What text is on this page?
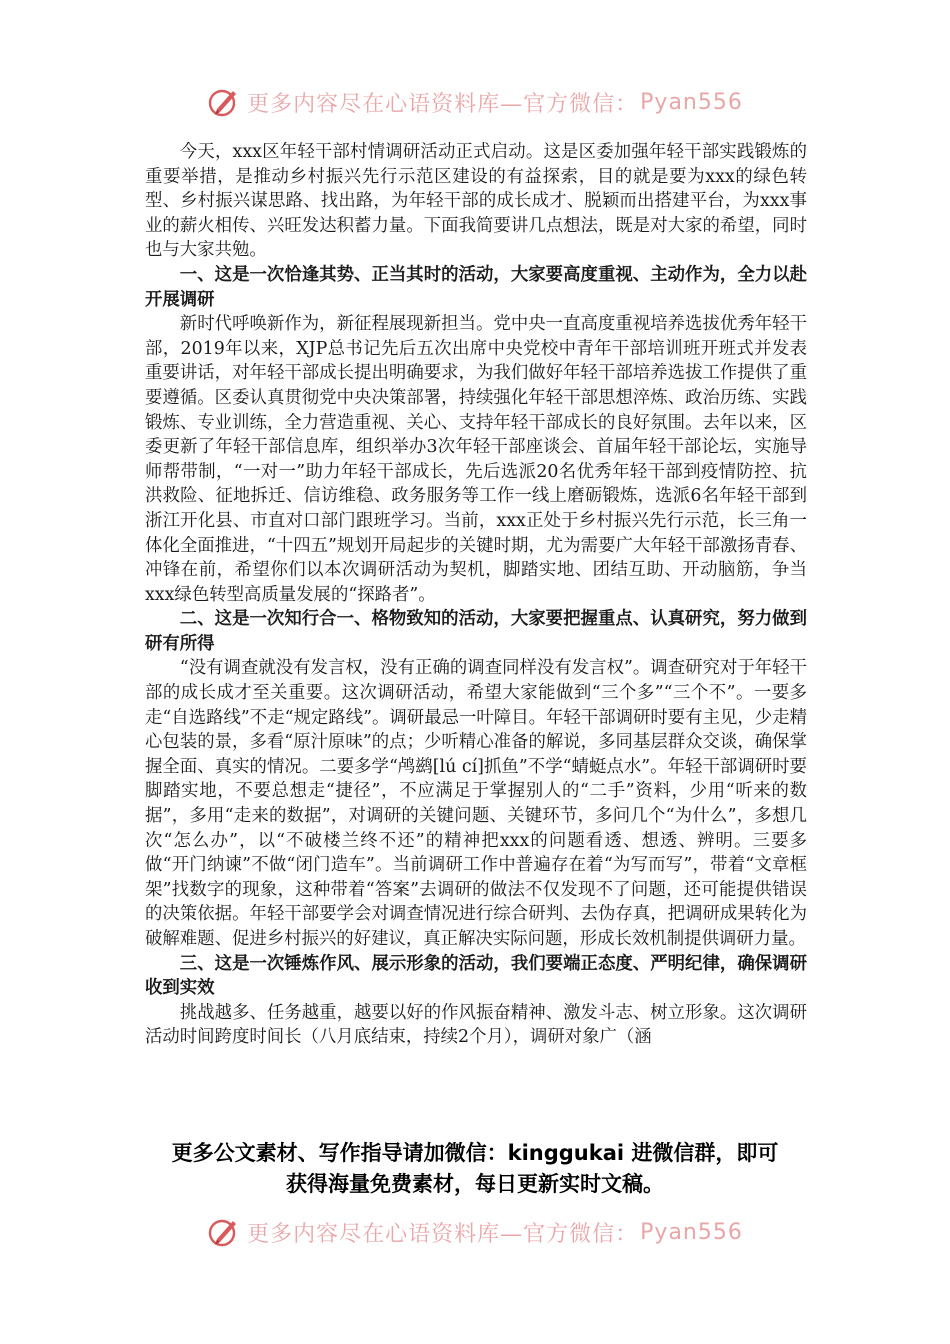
更多内容尽在心语资料库—官方微信： Pyan556

今天，xxx区年轻干部村情调研活动正式启动。这是区委加强年轻干部实践锻炼的重要举措，是推动乡村振兴先行示范区建设的有益探索，目的就是要为xxx的绿色转型、乡村振兴谋思路、找出路，为年轻干部的成长成才、脱颖而出搭建平台，为xxx事业的薪火相传、兴旺发达积蓄力量。下面我简要讲几点想法，既是对大家的希望，同时也与大家共勉。

一、这是一次恰逢其势、正当其时的活动，大家要高度重视、主动作为，全力以赴开展调研

新时代呼唤新作为，新征程展现新担当。党中央一直高度重视培养选拔优秀年轻干部，2019年以来，XJP总书记先后五次出席中央党校中青年干部培训班开班式并发表重要讲话，对年轻干部成长提出明确要求，为我们做好年轻干部培养选拔工作提供了重要遵循。区委认真贯彻党中央决策部署，持续强化年轻干部思想淬炼、政治历练、实践锻炼、专业训练，全力营造重视、关心、支持年轻干部成长的良好氛围。去年以来，区委更新了年轻干部信息库，组织举办3次年轻干部座谈会、首届年轻干部论坛，实施导师帮带制，“一对一”助力年轻干部成长，先后选派20名优秀年轻干部到疫情防控、抗洪救险、征地拆迁、信访维稳、政务服务等工作一线上磨砺锻炼，选派6名年轻干部到浙江开化县、市直对口部门跟班学习。当前，xxx正处于乡村振兴先行示范，长三角一体化全面推进，“十四五”规划开局起步的关键时期，尤为需要广大年轻干部激扬青春、冲锋在前，希望你们以本次调研活动为契机，脚踏实地、团结互助、开动脑筋，争当xxx绿色转型高质量发展的“探路者”。

二、这是一次知行合一、格物致知的活动，大家要把握重点、认真研究，努力做到研有所得

“没有调查就没有发言权，没有正确的调查同样没有发言权”。调查研究对于年轻干部的成长成才至关重要。这次调研活动，希望大家能做到“三个多”“三个不”。一要多走“自选路线”不走“规定路线”。调研最忌一叶障目。年轻干部调研时要有主见，少走精心包装的景，多看“原汁原味”的点；少听精心准备的解说，多同基层群众交谈，确保掌握全面、真实的情况。二要多学“鸬鹚[lú cí]抓鱼”不学“蜻蜓点水”。年轻干部调研时要脚踏实地，不要总想走“捷径”，不应满足于掌握别人的“二手”资料，少用“听来的数据”，多用“走来的数据”，对调研的关键问题、关键环节，多问几个“为什么”，多想几次“怎么办”，以“不破楼兰终不还”的精神把xxx的问题看透、想透、辨明。三要多做“开门纳谏”不做“闭门造车”。当前调研工作中普遍存在着“为写而写”，带着“文章框架”找数字的现象，这种带着“答案”去调研的做法不仅发现不了问题，还可能提供错误的决策依据。年轻干部要学会对调查情况进行综合研判、去伪存真，把调研成果转化为破解难题、促进乡村振兴的好建议，真正解决实际问题，形成长效机制提供调研力量。

三、这是一次锤炼作风、展示形象的活动，我们要端正态度、严明纪律，确保调研收到实效

挑战越多、任务越重，越要以好的作风振奋精神、激发斗志、树立形象。这次调研活动时间跨度时间长（八月底结束，持续2个月），调研对象广（涵

更多公文素材、写作指导请加微信：kinggukai 进微信群，即可
获得海量免费素材，每日更新实时文稿。
更多内容尽在心语资料库—官方微信： Pyan556
